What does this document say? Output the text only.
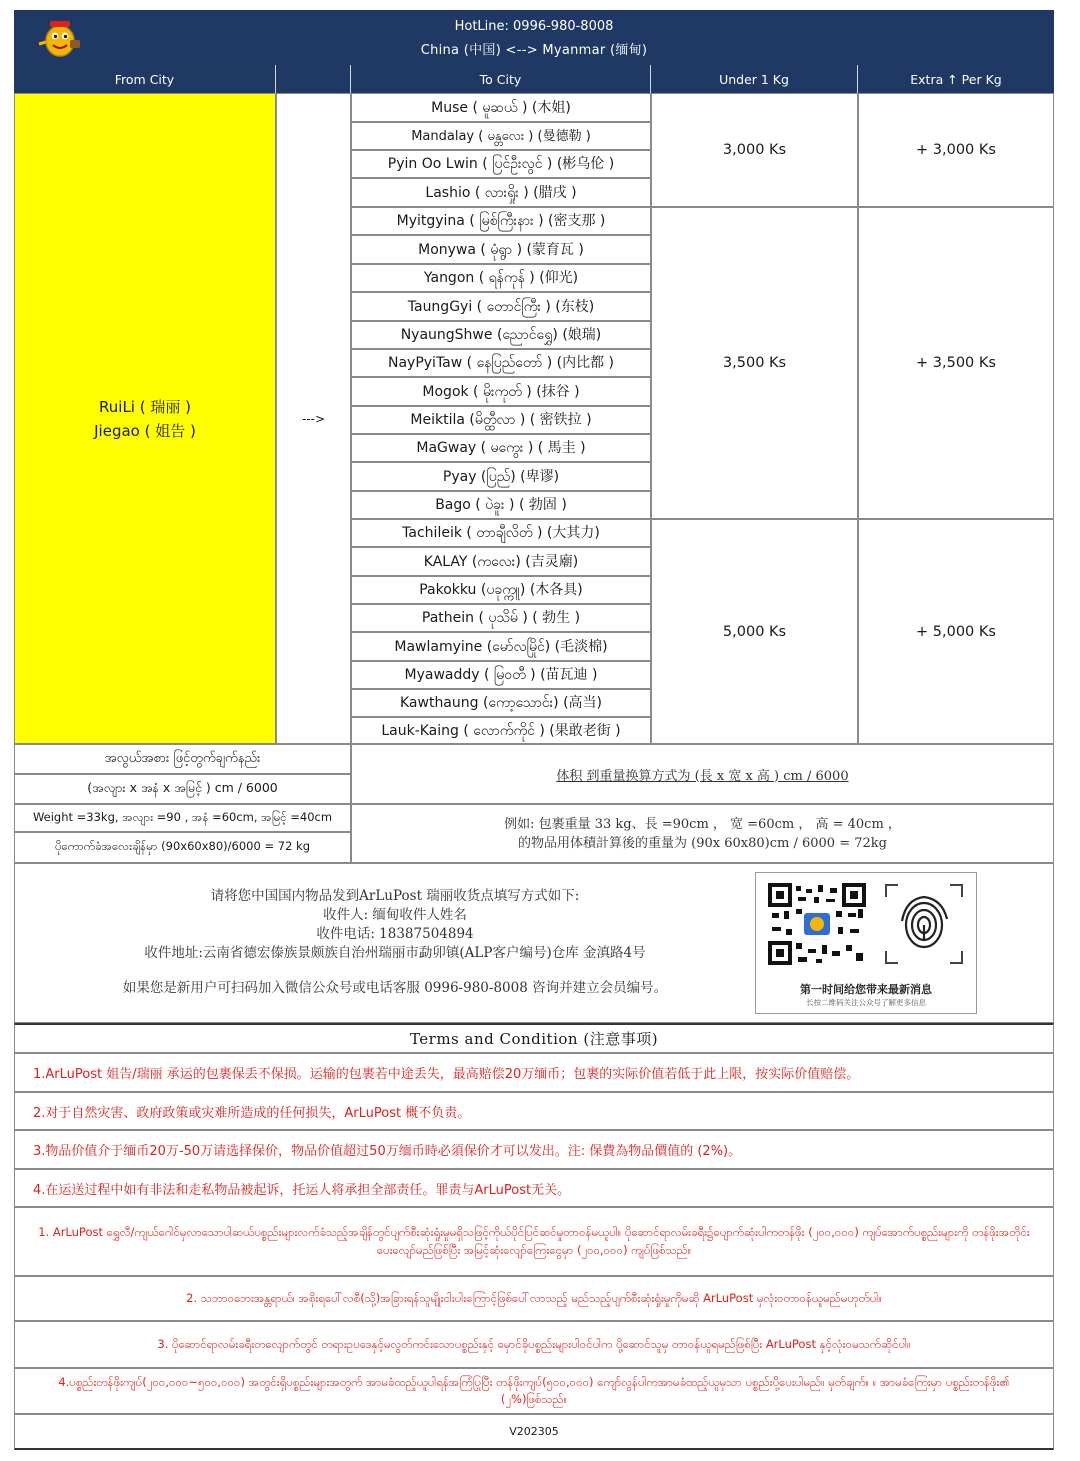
HotLine: 0996-980-8008
China (中国) <--> Myanmar (缅甸)
From City	To City	Under 1 Kg	Extra ↑ Per Kg
RuiLi ( 瑞丽 )
Jiegao ( 姐告 )
--->
Muse ( မူဆယ် ) (木姐)
Mandalay ( မန္တလေး ) (曼德勒 )
Pyin Oo Lwin ( ပြင်ဦးလွင် ) (彬乌伦 )
Lashio ( လားရှိုး ) (腊戌 )
3,000 Ks	+ 3,000 Ks
Myitgyina ( မြစ်ကြီးနား ) (密支那 )
Monywa ( မုံရွာ ) (蒙育瓦 )
Yangon ( ရန်ကုန် ) (仰光)
TaungGyi ( တောင်ကြီး ) (东枝)
NyaungShwe (ညောင်ရွှေ) (娘瑞)
NayPyiTaw ( နေပြည်တော် ) (内比都 )
Mogok ( မိုးကုတ် ) (抹谷 )
Meiktila (မိတ္ထီလာ ) ( 密铁拉 )
MaGway ( မကွေး ) ( 馬圭 )
Pyay (ပြည်) (卑谬)
Bago ( ပဲခူး ) ( 勃固 )
3,500 Ks	+ 3,500 Ks
Tachileik ( တာချီလိတ် ) (大其力)
KALAY (ကလေး) (吉灵廟)
Pakokku (ပခုက္ကူ) (木各具)
Pathein ( ပုသိမ် ) ( 勃生 )
Mawlamyine (မော်လမြိုင်) (毛淡棉)
Myawaddy ( မြဝတီ ) (苗瓦迪 )
Kawthaung (ကော့သောင်း) (高当)
Lauk-Kaing ( လောက်ကိုင် ) (果敢老街 )
5,000 Ks	+ 5,000 Ks
အလွယ်အစား ဖြင့်တွက်ချက်နည်း
(အလျား x အနံ x အမြင့် ) cm / 6000
Weight =33kg, အလျား =90 , အနံ =60cm, အမြင့် =40cm
ပိုကောက်ခံအလေးချိန်မှာ (90x60x80)/6000 = 72 kg
体积 到重量换算方式为 (長 x 宽 x 高 ) cm / 6000
例如: 包裹重量 33 kg、長 =90cm ， 宽 =60cm ， 高 = 40cm ，
的物品用体積計算後的重量为 (90x 60x80)cm / 6000 = 72kg
请将您中国国内物品发到ArLuPost 瑞丽收货点填写方式如下:
收件人: 缅甸收件人姓名
收件电话: 18387504894
收件地址:云南省德宏傣族景颇族自治州瑞丽市勐卯镇(ALP客户编号)仓库 金滇路4号
如果您是新用户可扫码加入微信公众号或电话客服 0996-980-8008 咨询并建立会员编号。	第一时间给您带来最新消息
长按二维码关注公众号了解更多信息
Terms and Condition (注意事项)
1.ArLuPost 姐告/瑞丽 承运的包裹保丢不保损。运输的包裹若中途丢失，最高赔偿20万缅币；包裹的实际价值若低于此上限，按实际价值赔偿。
2.对于自然灾害、政府政策或灾难所造成的任何损失，ArLuPost 概不负责。
3.物品价值介于缅币20万-50万请选择保价，物品价值超过50万缅币時必須保价才可以发出。注: 保費為物品價值的 (2%)。
4.在运送过程中如有非法和走私物品被起诉，托运人将承担全部责任。罪责与ArLuPost无关。
1. ArLuPost ရွှေလီ/ကျယ်ဂေါင်မှလာသောပါဆယ်ပစ္စည်းများလက်ခံသည့်အချိန်တွင်ပျက်စီးဆုံးရှုံးမှုမရှိသဖြင့်ကိုယ်ပိုင်ပြင်ဆင်မှုတာဝန်မယူပါ။ ပိုဆောင်ရာလမ်းခရီး၌ပျောက်ဆုံးပါကတန်ဖိုး (၂၀၀,၀၀၀) ကျပ်အောက်ပစ္စည်းများကို တန်ဖိုးအတိုင်းပေးလျော်မည်ဖြစ်ပြီး အမြင့်ဆုံးလျော်ကြေးငွေမှာ (၂၀၀,၀၀၀) ကျပ်ဖြစ်သည်။
2. သဘာဝဘေးအန္တရာယ်၊ အစိုးရပေါ်လစီ(သို့)အခြားရန်သူမျိုးငါးပါးကြောင့်ဖြစ်ပေါ်လာသည့် မည်သည့်ပျက်စီးဆုံးရှုံးမှုကိုမဆို ArLuPost မှလုံးဝတာဝန်ယူမည်မဟုတ်ပါ။
3. ပိုဆောင်ရာလမ်းခရီးတလျောက်တွင် တရားဥပဒေနှင့်မလွတ်ကင်းသောပစ္စည်းနှင့် မှောင်ခိုပစ္စည်းများပါဝင်ပါက ပို့ဆောင်သူမှ တာဝန်ယူရမည်ဖြစ်ပြီး ArLuPost နှင့်လုံးဝမသက်ဆိုင်ပါ။
4.ပစ္စည်းတန်ဖိုးကျပ်(၂၀၀,၀၀၀~၅၀၀,၀၀၀) အတွင်းရှိပစ္စည်းများအတွက် အာမခံထည့်ယူပါရန်အကြံပြုပြီး တန်ဖိုးကျပ်(၅၀၀,၀၀၀) ကျော်လွန်ပါကအာမခံထည့်ယူမှသာ ပစ္စည်းပို့ပေးပါမည်။ မှတ်ချက်။ ။ အာမခံကြေးမှာ ပစ္စည်းတန်ဖိုး၏ (၂%)ဖြစ်သည်။
V202305
